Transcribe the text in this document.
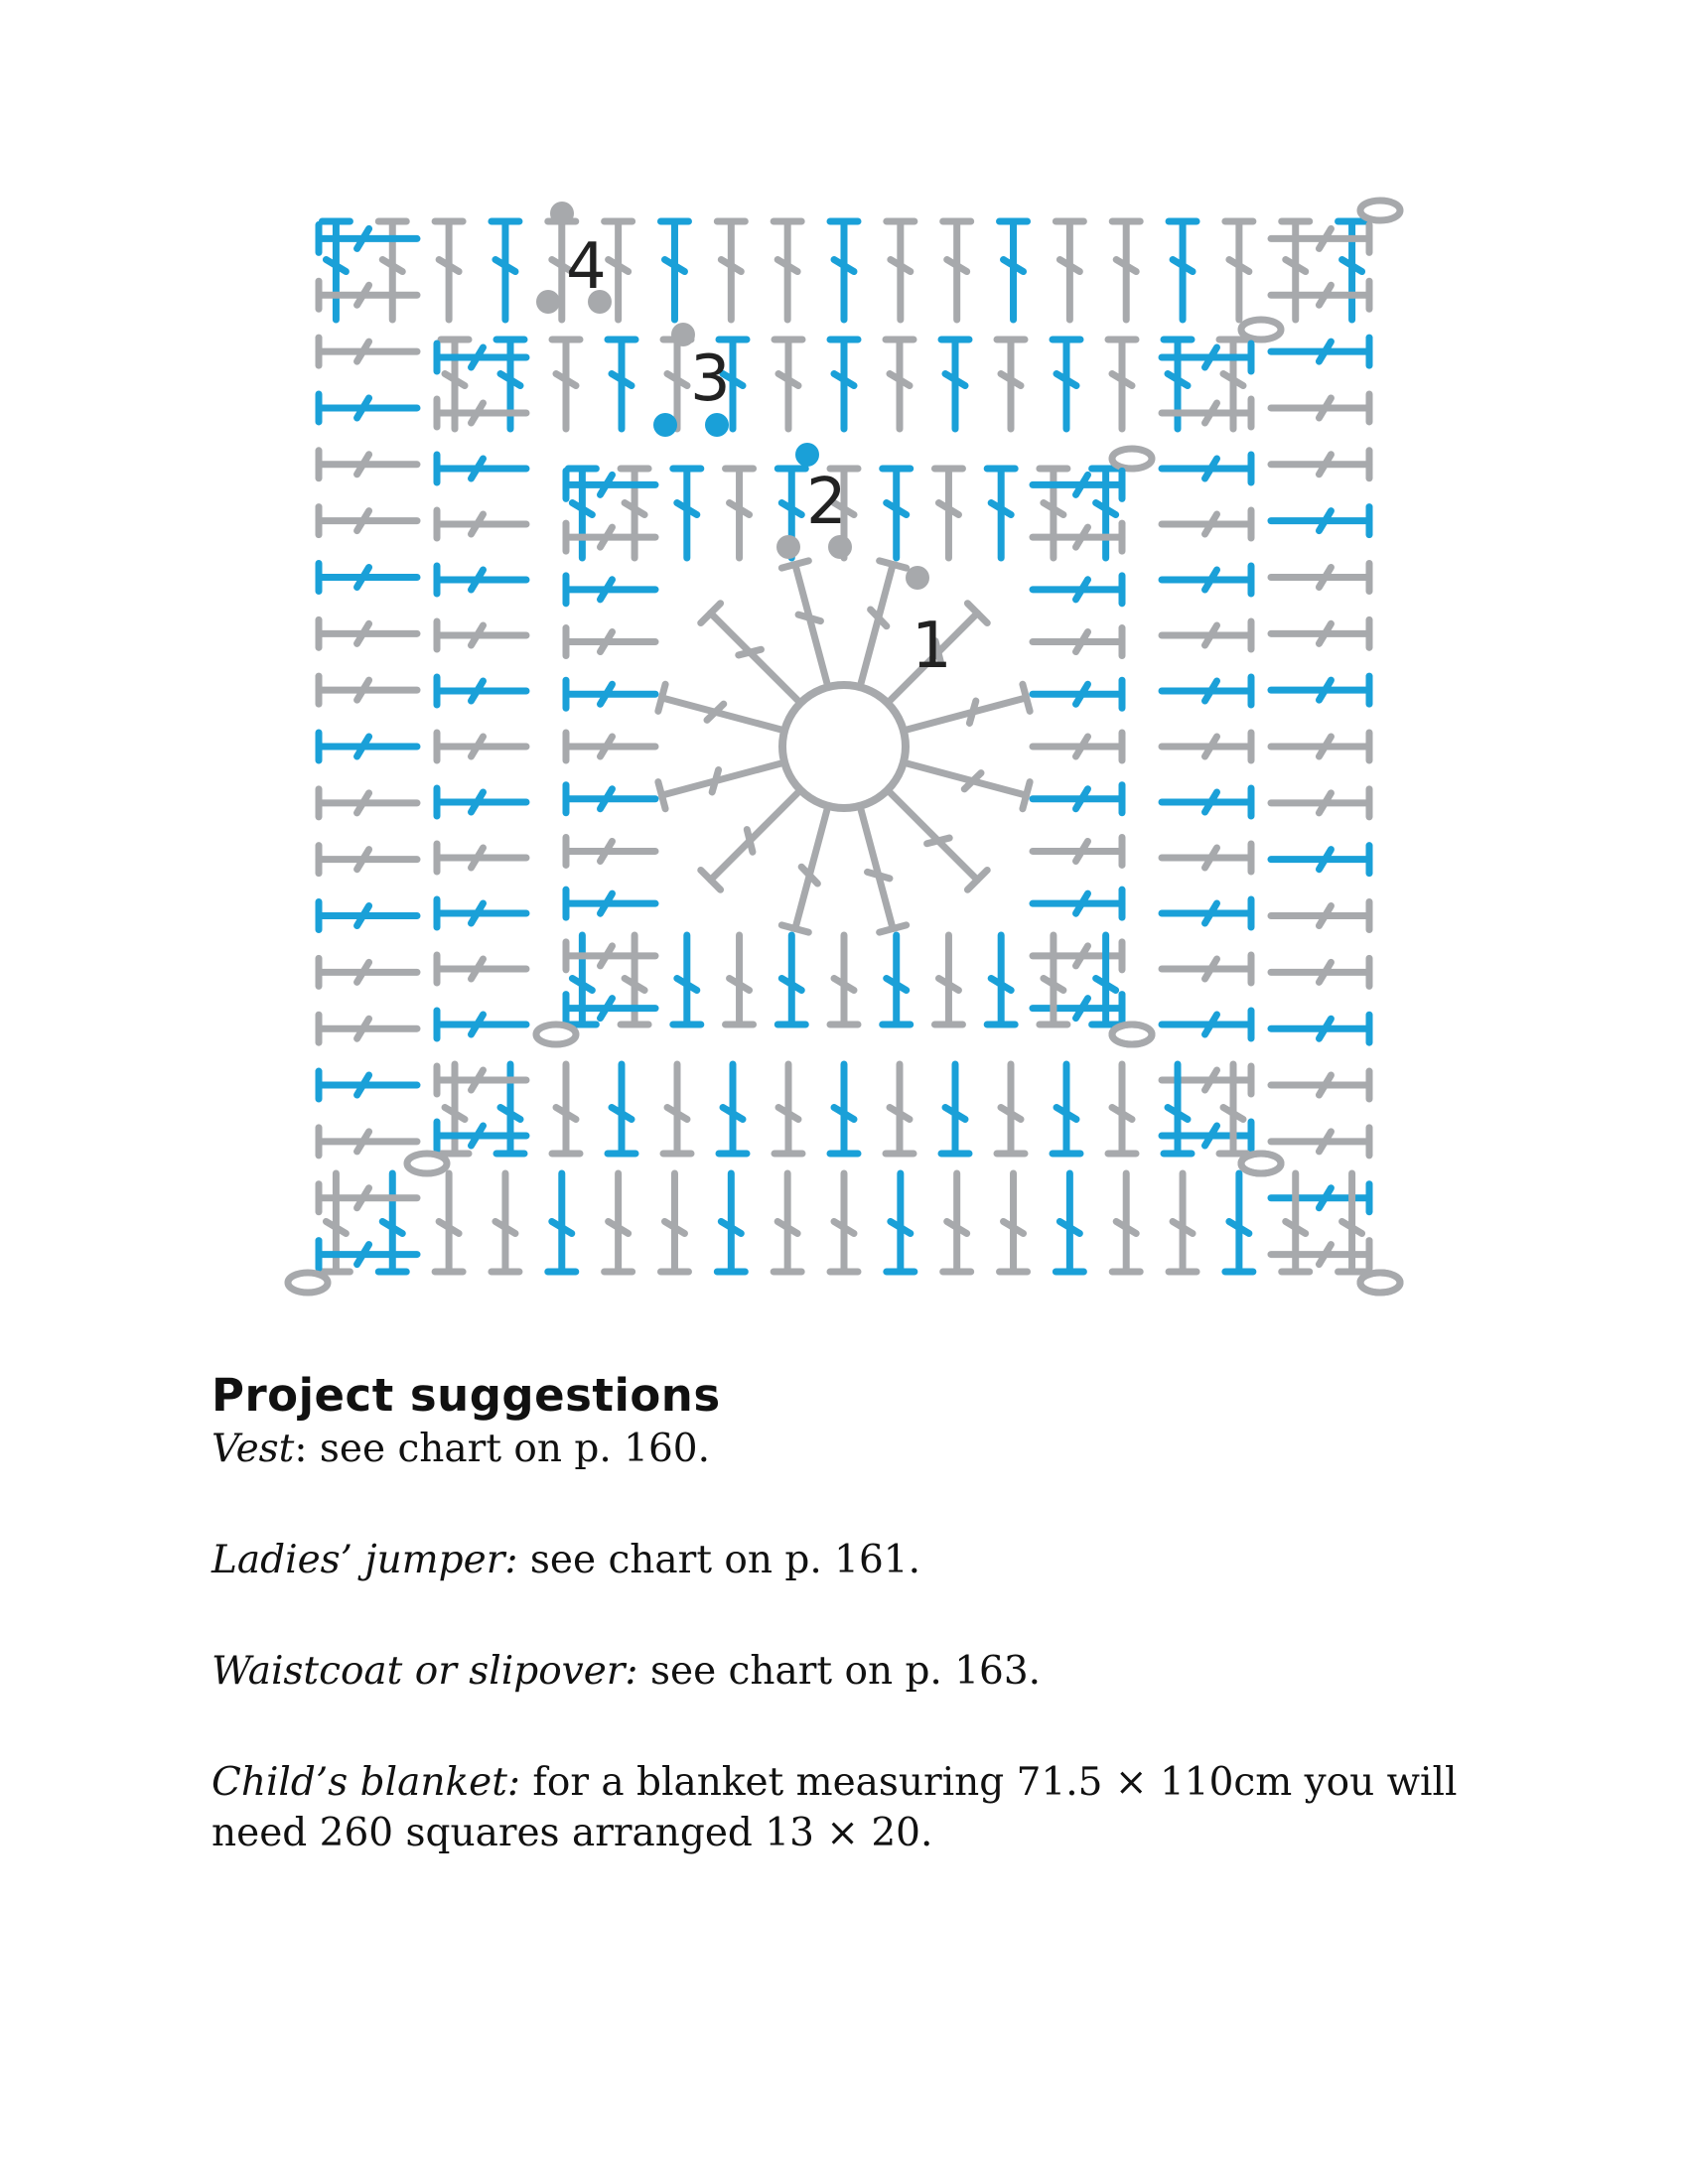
1
2
3
4
Project suggestions

Vest: see chart on p. 160.

Ladies’ jumper: see chart on p. 161.

Waistcoat or slipover: see chart on p. 163.

Child’s blanket: for a blanket measuring 71.5 × 110cm you will need 260 squares arranged 13 × 20.
